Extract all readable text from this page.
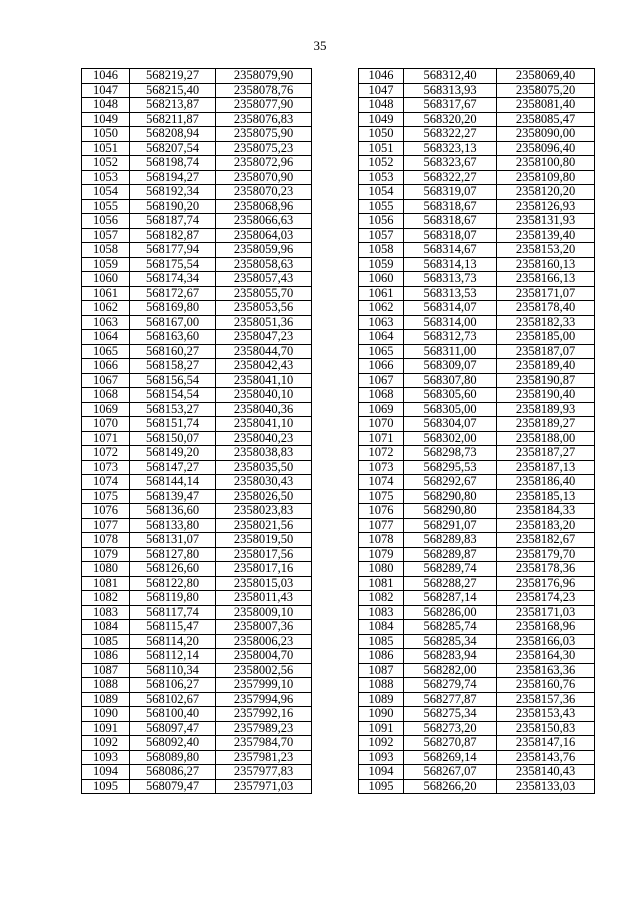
35
1046	568219,27	2358079,90		1046	568312,40	2358069,40
1047	568215,40	2358078,76		1047	568313,93	2358075,20
1048	568213,87	2358077,90		1048	568317,67	2358081,40
1049	568211,87	2358076,83		1049	568320,20	2358085,47
1050	568208,94	2358075,90		1050	568322,27	2358090,00
1051	568207,54	2358075,23		1051	568323,13	2358096,40
1052	568198,74	2358072,96		1052	568323,67	2358100,80
1053	568194,27	2358070,90		1053	568322,27	2358109,80
1054	568192,34	2358070,23		1054	568319,07	2358120,20
1055	568190,20	2358068,96		1055	568318,67	2358126,93
1056	568187,74	2358066,63		1056	568318,67	2358131,93
1057	568182,87	2358064,03		1057	568318,07	2358139,40
1058	568177,94	2358059,96		1058	568314,67	2358153,20
1059	568175,54	2358058,63		1059	568314,13	2358160,13
1060	568174,34	2358057,43		1060	568313,73	2358166,13
1061	568172,67	2358055,70		1061	568313,53	2358171,07
1062	568169,80	2358053,56		1062	568314,07	2358178,40
1063	568167,00	2358051,36		1063	568314,00	2358182,33
1064	568163,60	2358047,23		1064	568312,73	2358185,00
1065	568160,27	2358044,70		1065	568311,00	2358187,07
1066	568158,27	2358042,43		1066	568309,07	2358189,40
1067	568156,54	2358041,10		1067	568307,80	2358190,87
1068	568154,54	2358040,10		1068	568305,60	2358190,40
1069	568153,27	2358040,36		1069	568305,00	2358189,93
1070	568151,74	2358041,10		1070	568304,07	2358189,27
1071	568150,07	2358040,23		1071	568302,00	2358188,00
1072	568149,20	2358038,83		1072	568298,73	2358187,27
1073	568147,27	2358035,50		1073	568295,53	2358187,13
1074	568144,14	2358030,43		1074	568292,67	2358186,40
1075	568139,47	2358026,50		1075	568290,80	2358185,13
1076	568136,60	2358023,83		1076	568290,80	2358184,33
1077	568133,80	2358021,56		1077	568291,07	2358183,20
1078	568131,07	2358019,50		1078	568289,83	2358182,67
1079	568127,80	2358017,56		1079	568289,87	2358179,70
1080	568126,60	2358017,16		1080	568289,74	2358178,36
1081	568122,80	2358015,03		1081	568288,27	2358176,96
1082	568119,80	2358011,43		1082	568287,14	2358174,23
1083	568117,74	2358009,10		1083	568286,00	2358171,03
1084	568115,47	2358007,36		1084	568285,74	2358168,96
1085	568114,20	2358006,23		1085	568285,34	2358166,03
1086	568112,14	2358004,70		1086	568283,94	2358164,30
1087	568110,34	2358002,56		1087	568282,00	2358163,36
1088	568106,27	2357999,10		1088	568279,74	2358160,76
1089	568102,67	2357994,96		1089	568277,87	2358157,36
1090	568100,40	2357992,16		1090	568275,34	2358153,43
1091	568097,47	2357989,23		1091	568273,20	2358150,83
1092	568092,40	2357984,70		1092	568270,87	2358147,16
1093	568089,80	2357981,23		1093	568269,14	2358143,76
1094	568086,27	2357977,83		1094	568267,07	2358140,43
1095	568079,47	2357971,03		1095	568266,20	2358133,03
